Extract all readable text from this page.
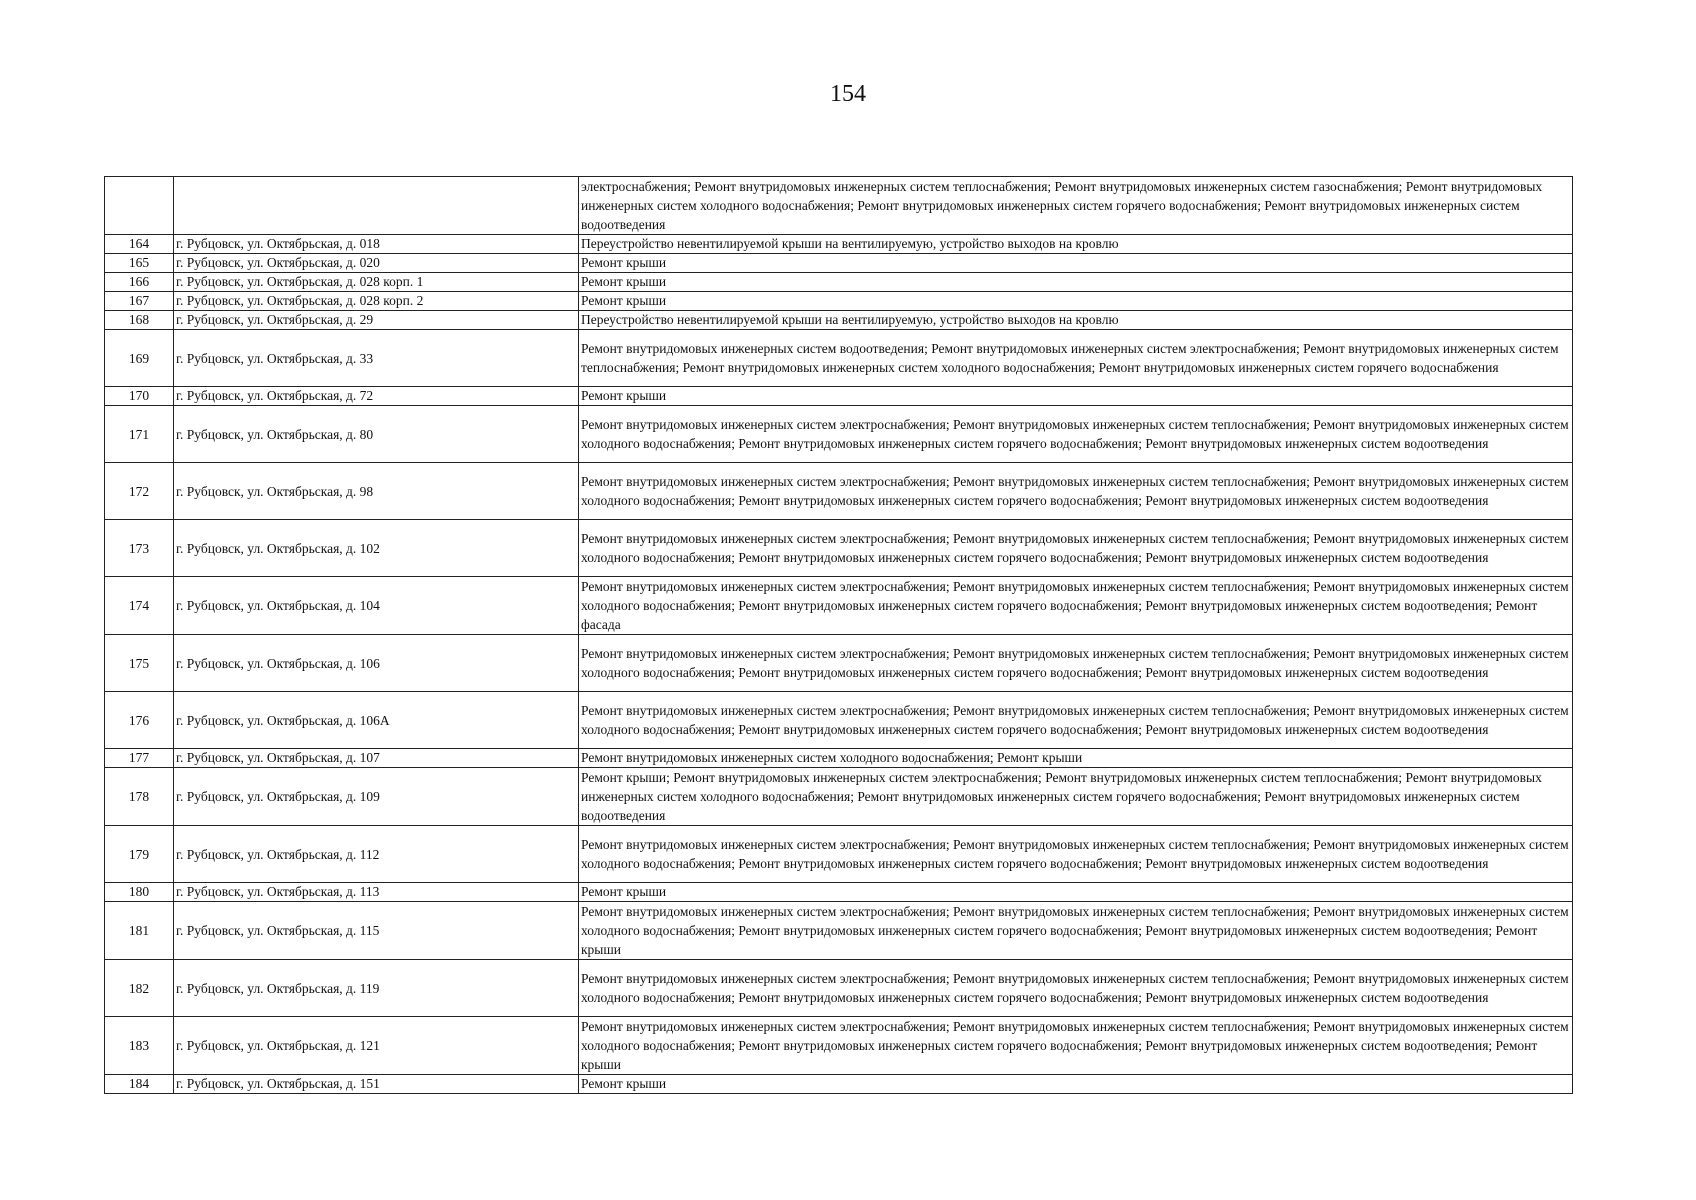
154
		электроснабжения; Ремонт внутридомовых инженерных систем теплоснабжения; Ремонт внутридомовых инженерных систем газоснабжения; Ремонт внутридомовых инженерных систем холодного водоснабжения; Ремонт внутридомовых инженерных систем горячего водоснабжения; Ремонт внутридомовых инженерных систем водоотведения
164	г. Рубцовск, ул. Октябрьская, д. 018	Переустройство невентилируемой крыши на вентилируемую, устройство выходов на кровлю
165	г. Рубцовск, ул. Октябрьская, д. 020	Ремонт крыши
166	г. Рубцовск, ул. Октябрьская, д. 028 корп. 1	Ремонт крыши
167	г. Рубцовск, ул. Октябрьская, д. 028 корп. 2	Ремонт крыши
168	г. Рубцовск, ул. Октябрьская, д. 29	Переустройство невентилируемой крыши на вентилируемую, устройство выходов на кровлю
169	г. Рубцовск, ул. Октябрьская, д. 33	Ремонт внутридомовых инженерных систем водоотведения; Ремонт внутридомовых инженерных систем электроснабжения; Ремонт внутридомовых инженерных систем теплоснабжения; Ремонт внутридомовых инженерных систем холодного водоснабжения; Ремонт внутридомовых инженерных систем горячего водоснабжения
170	г. Рубцовск, ул. Октябрьская, д. 72	Ремонт крыши
171	г. Рубцовск, ул. Октябрьская, д. 80	Ремонт внутридомовых инженерных систем электроснабжения; Ремонт внутридомовых инженерных систем теплоснабжения; Ремонт внутридомовых инженерных систем холодного водоснабжения; Ремонт внутридомовых инженерных систем горячего водоснабжения; Ремонт внутридомовых инженерных систем водоотведения
172	г. Рубцовск, ул. Октябрьская, д. 98	Ремонт внутридомовых инженерных систем электроснабжения; Ремонт внутридомовых инженерных систем теплоснабжения; Ремонт внутридомовых инженерных систем холодного водоснабжения; Ремонт внутридомовых инженерных систем горячего водоснабжения; Ремонт внутридомовых инженерных систем водоотведения
173	г. Рубцовск, ул. Октябрьская, д. 102	Ремонт внутридомовых инженерных систем электроснабжения; Ремонт внутридомовых инженерных систем теплоснабжения; Ремонт внутридомовых инженерных систем холодного водоснабжения; Ремонт внутридомовых инженерных систем горячего водоснабжения; Ремонт внутридомовых инженерных систем водоотведения
174	г. Рубцовск, ул. Октябрьская, д. 104	Ремонт внутридомовых инженерных систем электроснабжения; Ремонт внутридомовых инженерных систем теплоснабжения; Ремонт внутридомовых инженерных систем холодного водоснабжения; Ремонт внутридомовых инженерных систем горячего водоснабжения; Ремонт внутридомовых инженерных систем водоотведения; Ремонт фасада
175	г. Рубцовск, ул. Октябрьская, д. 106	Ремонт внутридомовых инженерных систем электроснабжения; Ремонт внутридомовых инженерных систем теплоснабжения; Ремонт внутридомовых инженерных систем холодного водоснабжения; Ремонт внутридомовых инженерных систем горячего водоснабжения; Ремонт внутридомовых инженерных систем водоотведения
176	г. Рубцовск, ул. Октябрьская, д. 106А	Ремонт внутридомовых инженерных систем электроснабжения; Ремонт внутридомовых инженерных систем теплоснабжения; Ремонт внутридомовых инженерных систем холодного водоснабжения; Ремонт внутридомовых инженерных систем горячего водоснабжения; Ремонт внутридомовых инженерных систем водоотведения
177	г. Рубцовск, ул. Октябрьская, д. 107	Ремонт внутридомовых инженерных систем холодного водоснабжения; Ремонт крыши
178	г. Рубцовск, ул. Октябрьская, д. 109	Ремонт крыши; Ремонт внутридомовых инженерных систем электроснабжения; Ремонт внутридомовых инженерных систем теплоснабжения; Ремонт внутридомовых инженерных систем холодного водоснабжения; Ремонт внутридомовых инженерных систем горячего водоснабжения; Ремонт внутридомовых инженерных систем водоотведения
179	г. Рубцовск, ул. Октябрьская, д. 112	Ремонт внутридомовых инженерных систем электроснабжения; Ремонт внутридомовых инженерных систем теплоснабжения; Ремонт внутридомовых инженерных систем холодного водоснабжения; Ремонт внутридомовых инженерных систем горячего водоснабжения; Ремонт внутридомовых инженерных систем водоотведения
180	г. Рубцовск, ул. Октябрьская, д. 113	Ремонт крыши
181	г. Рубцовск, ул. Октябрьская, д. 115	Ремонт внутридомовых инженерных систем электроснабжения; Ремонт внутридомовых инженерных систем теплоснабжения; Ремонт внутридомовых инженерных систем холодного водоснабжения; Ремонт внутридомовых инженерных систем горячего водоснабжения; Ремонт внутридомовых инженерных систем водоотведения; Ремонт крыши
182	г. Рубцовск, ул. Октябрьская, д. 119	Ремонт внутридомовых инженерных систем электроснабжения; Ремонт внутридомовых инженерных систем теплоснабжения; Ремонт внутридомовых инженерных систем холодного водоснабжения; Ремонт внутридомовых инженерных систем горячего водоснабжения; Ремонт внутридомовых инженерных систем водоотведения
183	г. Рубцовск, ул. Октябрьская, д. 121	Ремонт внутридомовых инженерных систем электроснабжения; Ремонт внутридомовых инженерных систем теплоснабжения; Ремонт внутридомовых инженерных систем холодного водоснабжения; Ремонт внутридомовых инженерных систем горячего водоснабжения; Ремонт внутридомовых инженерных систем водоотведения; Ремонт крыши
184	г. Рубцовск, ул. Октябрьская, д. 151	Ремонт крыши
